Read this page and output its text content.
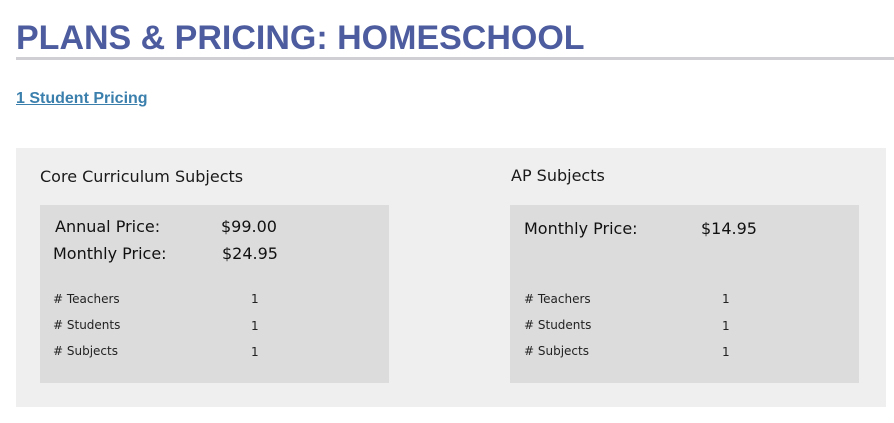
PLANS & PRICING: HOMESCHOOL
1 Student Pricing
Core Curriculum Subjects
Annual Price:	$99.00
Monthly Price:	$24.95
# Teachers	1
# Students	1
# Subjects	1
AP Subjects
Monthly Price:	$14.95
# Teachers	1
# Students	1
# Subjects	1
